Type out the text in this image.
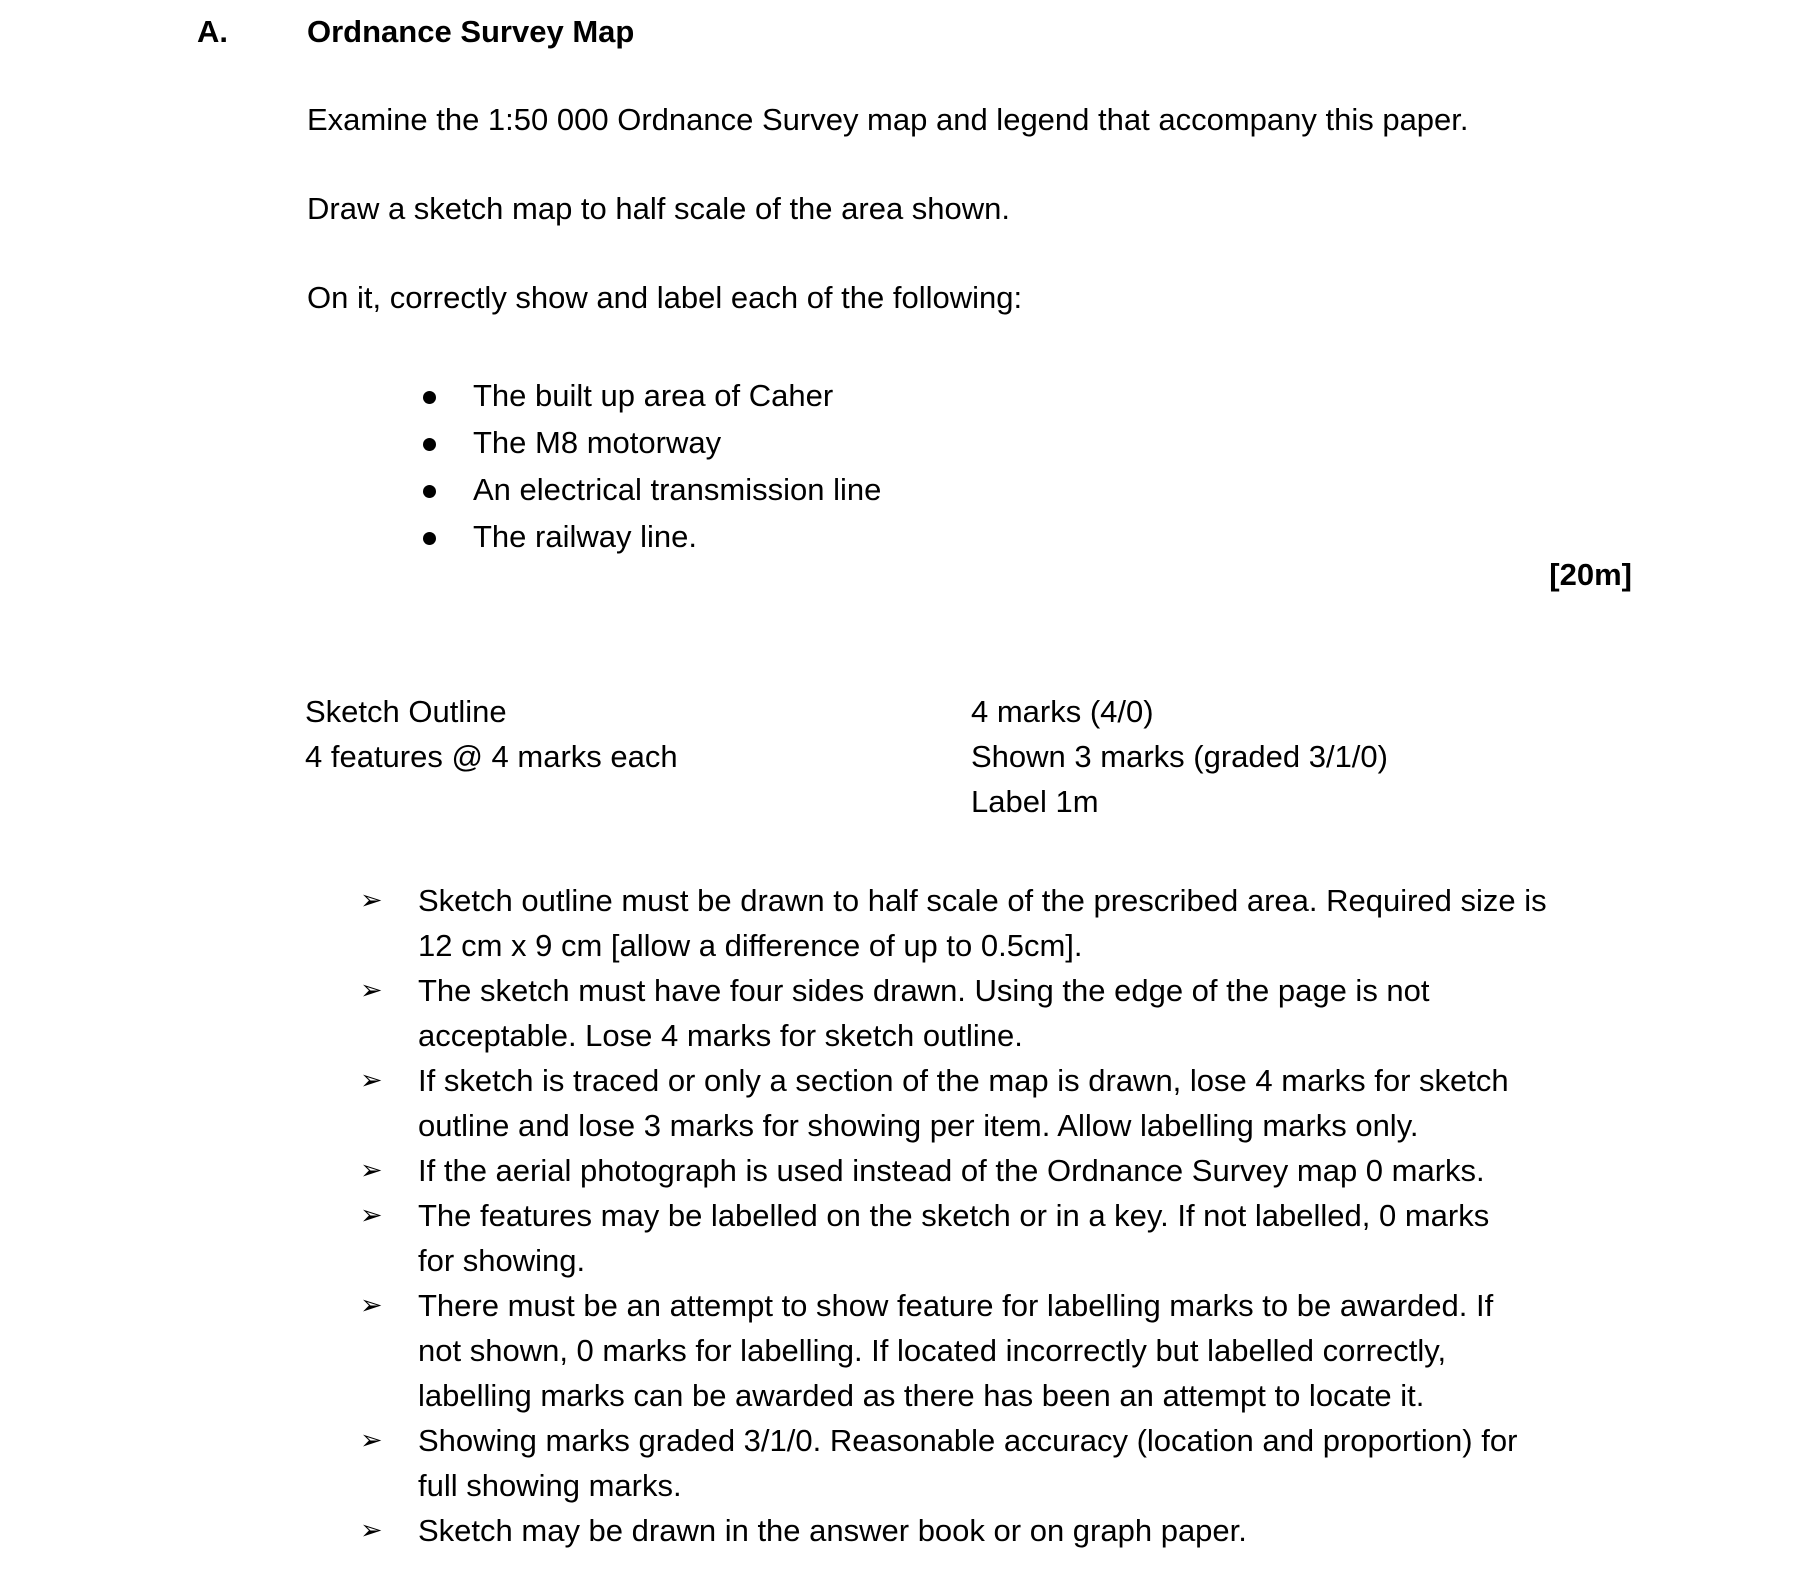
A.	Ordnance Survey Map
Examine the 1:50 000 Ordnance Survey map and legend that accompany this paper.
Draw a sketch map to half scale of the area shown.
On it, correctly show and label each of the following:
The built up area of Caher
The M8 motorway
An electrical transmission line
The railway line.
[20m]
Sketch Outline
4 features @ 4 marks each
4 marks (4/0)
Shown 3 marks (graded 3/1/0)
Label 1m
➢ Sketch outline must be drawn to half scale of the prescribed area. Required size is
12 cm x 9 cm [allow a difference of up to 0.5cm].
➢ The sketch must have four sides drawn. Using the edge of the page is not
acceptable. Lose 4 marks for sketch outline.
➢ If sketch is traced or only a section of the map is drawn, lose 4 marks for sketch
outline and lose 3 marks for showing per item. Allow labelling marks only.
➢ If the aerial photograph is used instead of the Ordnance Survey map 0 marks.
➢ The features may be labelled on the sketch or in a key. If not labelled, 0 marks
for showing.
➢ There must be an attempt to show feature for labelling marks to be awarded. If
not shown, 0 marks for labelling. If located incorrectly but labelled correctly,
labelling marks can be awarded as there has been an attempt to locate it.
➢ Showing marks graded 3/1/0. Reasonable accuracy (location and proportion) for
full showing marks.
➢ Sketch may be drawn in the answer book or on graph paper.
